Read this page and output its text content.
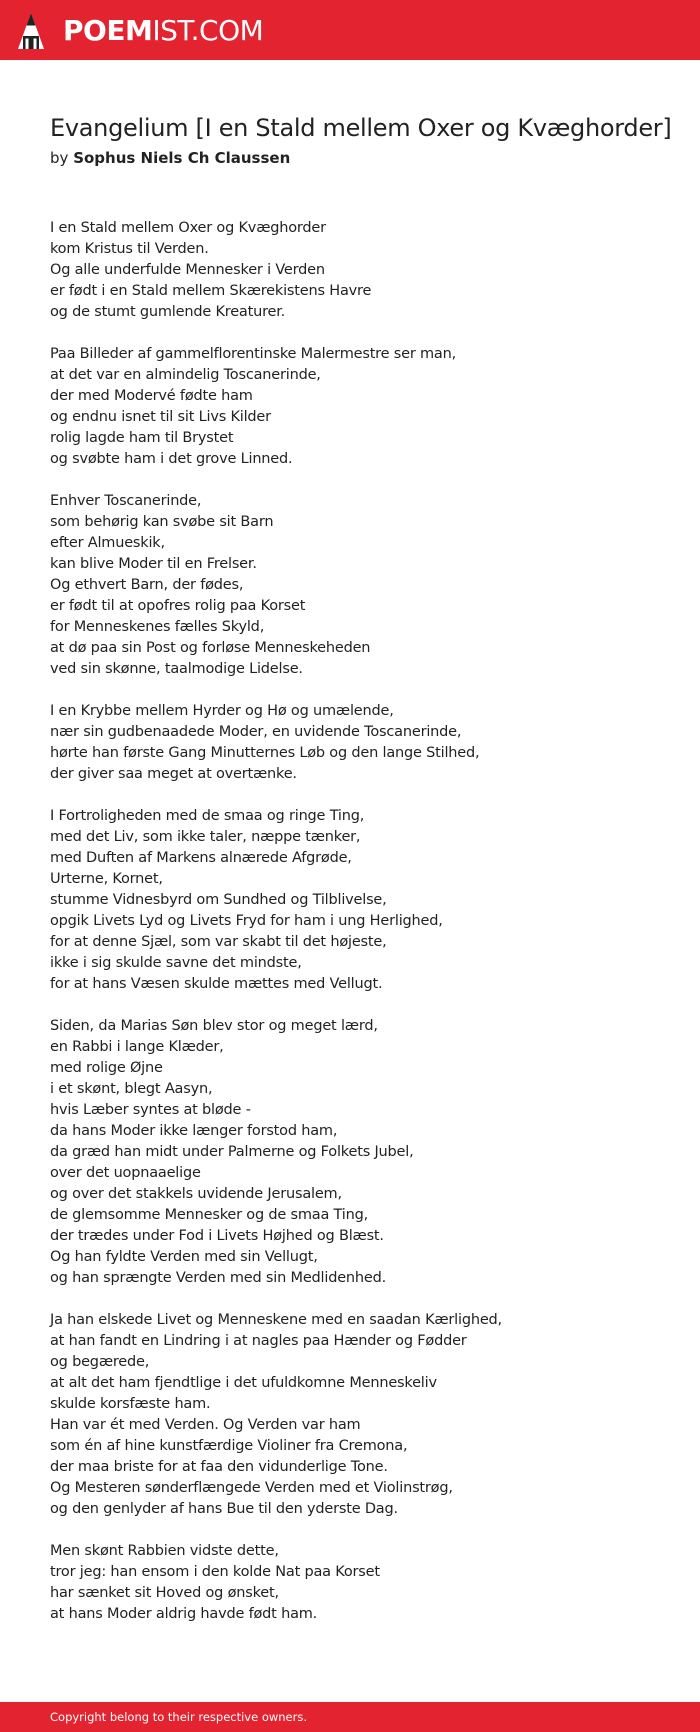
POEMIST.COM
Evangelium [I en Stald mellem Oxer og Kvæghorder]
by Sophus Niels Ch Claussen
I en Stald mellem Oxer og Kvæghorder
kom Kristus til Verden.
Og alle underfulde Mennesker i Verden
er født i en Stald mellem Skærekistens Havre
og de stumt gumlende Kreaturer.
Paa Billeder af gammelflorentinske Malermestre ser man,
at det var en almindelig Toscanerinde,
der med Modervé fødte ham
og endnu isnet til sit Livs Kilder
rolig lagde ham til Brystet
og svøbte ham i det grove Linned.
Enhver Toscanerinde,
som behørig kan svøbe sit Barn
efter Almueskik,
kan blive Moder til en Frelser.
Og ethvert Barn, der fødes,
er født til at opofres rolig paa Korset
for Menneskenes fælles Skyld,
at dø paa sin Post og forløse Menneskeheden
ved sin skønne, taalmodige Lidelse.
I en Krybbe mellem Hyrder og Hø og umælende,
nær sin gudbenaadede Moder, en uvidende Toscanerinde,
hørte han første Gang Minutternes Løb og den lange Stilhed,
der giver saa meget at overtænke.
I Fortroligheden med de smaa og ringe Ting,
med det Liv, som ikke taler, næppe tænker,
med Duften af Markens alnærede Afgrøde,
Urterne, Kornet,
stumme Vidnesbyrd om Sundhed og Tilblivelse,
opgik Livets Lyd og Livets Fryd for ham i ung Herlighed,
for at denne Sjæl, som var skabt til det højeste,
ikke i sig skulde savne det mindste,
for at hans Væsen skulde mættes med Vellugt.
Siden, da Marias Søn blev stor og meget lærd,
en Rabbi i lange Klæder,
med rolige Øjne
i et skønt, blegt Aasyn,
hvis Læber syntes at bløde -
da hans Moder ikke længer forstod ham,
da græd han midt under Palmerne og Folkets Jubel,
over det uopnaaelige
og over det stakkels uvidende Jerusalem,
de glemsomme Mennesker og de smaa Ting,
der trædes under Fod i Livets Højhed og Blæst.
Og han fyldte Verden med sin Vellugt,
og han sprængte Verden med sin Medlidenhed.
Ja han elskede Livet og Menneskene med en saadan Kærlighed,
at han fandt en Lindring i at nagles paa Hænder og Fødder
og begærede,
at alt det ham fjendtlige i det ufuldkomne Menneskeliv
skulde korsfæste ham.
Han var ét med Verden. Og Verden var ham
som én af hine kunstfærdige Violiner fra Cremona,
der maa briste for at faa den vidunderlige Tone.
Og Mesteren sønderflængede Verden med et Violinstrøg,
og den genlyder af hans Bue til den yderste Dag.
Men skønt Rabbien vidste dette,
tror jeg: han ensom i den kolde Nat paa Korset
har sænket sit Hoved og ønsket,
at hans Moder aldrig havde født ham.
Copyright belong to their respective owners.
